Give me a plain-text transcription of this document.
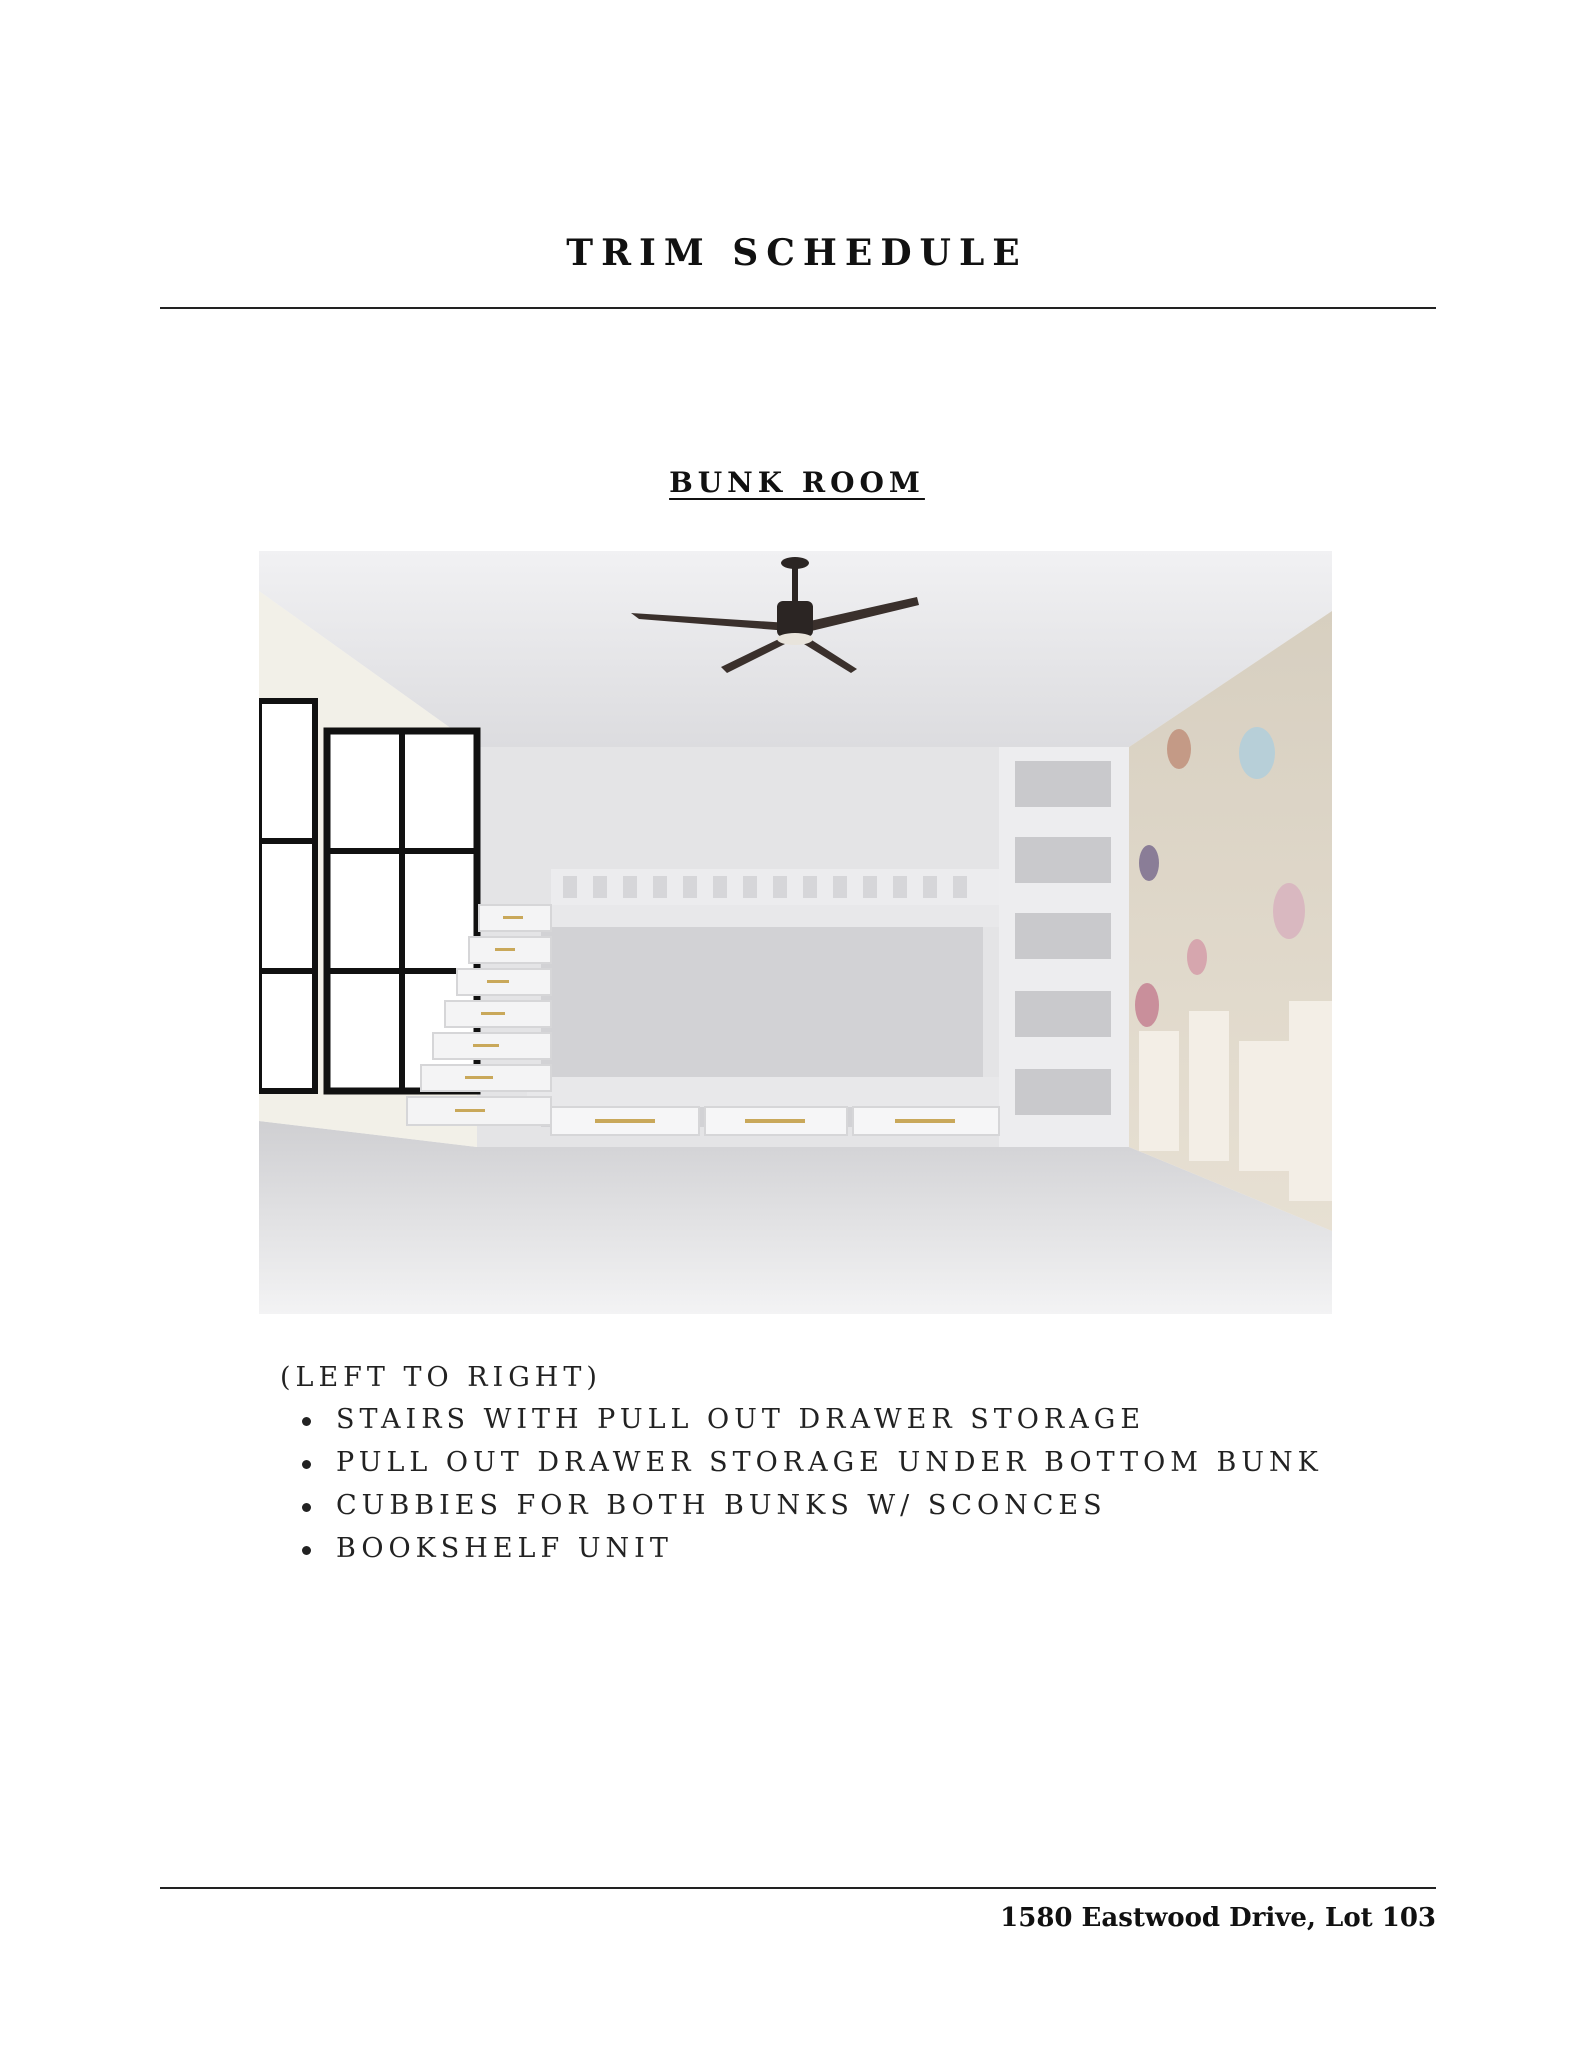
TRIM SCHEDULE
BUNK ROOM
(LEFT TO RIGHT)
STAIRS WITH PULL OUT DRAWER STORAGE
PULL OUT DRAWER STORAGE UNDER BOTTOM BUNK
CUBBIES FOR BOTH BUNKS W/ SCONCES
BOOKSHELF UNIT
1580 Eastwood Drive, Lot 103
